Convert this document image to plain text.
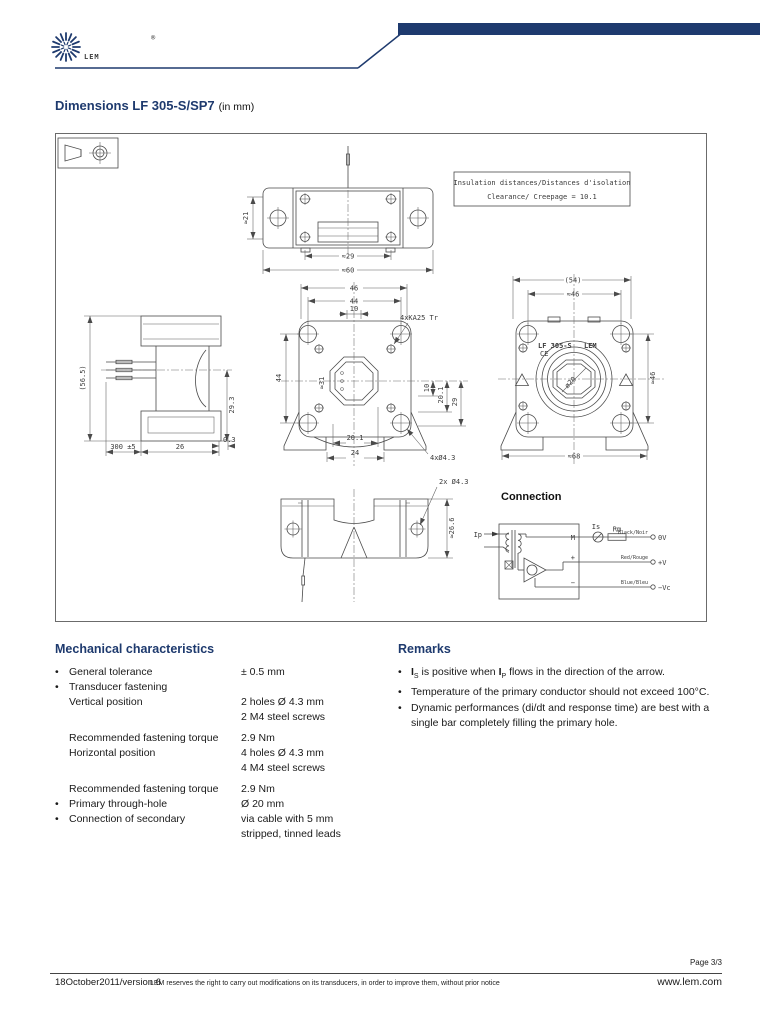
LEM
®
Dimensions LF 305-S/SP7 (in mm)
Insulation distances/Distances d'isolation
Clearance/ Creepage = 10.1
≈21
≈29
≈60
(56.5)
29.3
300 ±5	26
0.3
≈31
46
44
10
4xKA25 Tr
44
10 20.1 29
20.1
24
4xØ4.3
ø20
LF 305-S
CE
LEM
(54)
≈46
≈46
≈68
2x Ø4.3
≈26.6
Connection
Ip	M
+
−
Is Rm
Black/Noir
Red/Rouge
Blue/Bleu
0V
+V
−Vc
Mechanical characteristics
• General tolerance	± 0.5 mm
• Transducer fastening
Vertical position	2 holes Ø 4.3 mm
2 M4 steel screws
Recommended fastening torque	2.9 Nm
Horizontal position	4 holes Ø 4.3 mm
4 M4 steel screws
Recommended fastening torque	2.9 Nm
• Primary through-hole	Ø 20 mm
• Connection of secondary	via cable with 5 mm
stripped, tinned leads
Remarks
• $I_S$ is positive when $I_P$ flows in the direction of the arrow.
• Temperature of the primary conductor should not exceed 100°C.
• Dynamic performances (di/dt and response time) are best with a single bar completely filling the primary hole.
Page 3/3
18October2011/version 6
LEM reserves the right to carry out modifications on its transducers, in order to improve them, without prior notice	www.lem.com
